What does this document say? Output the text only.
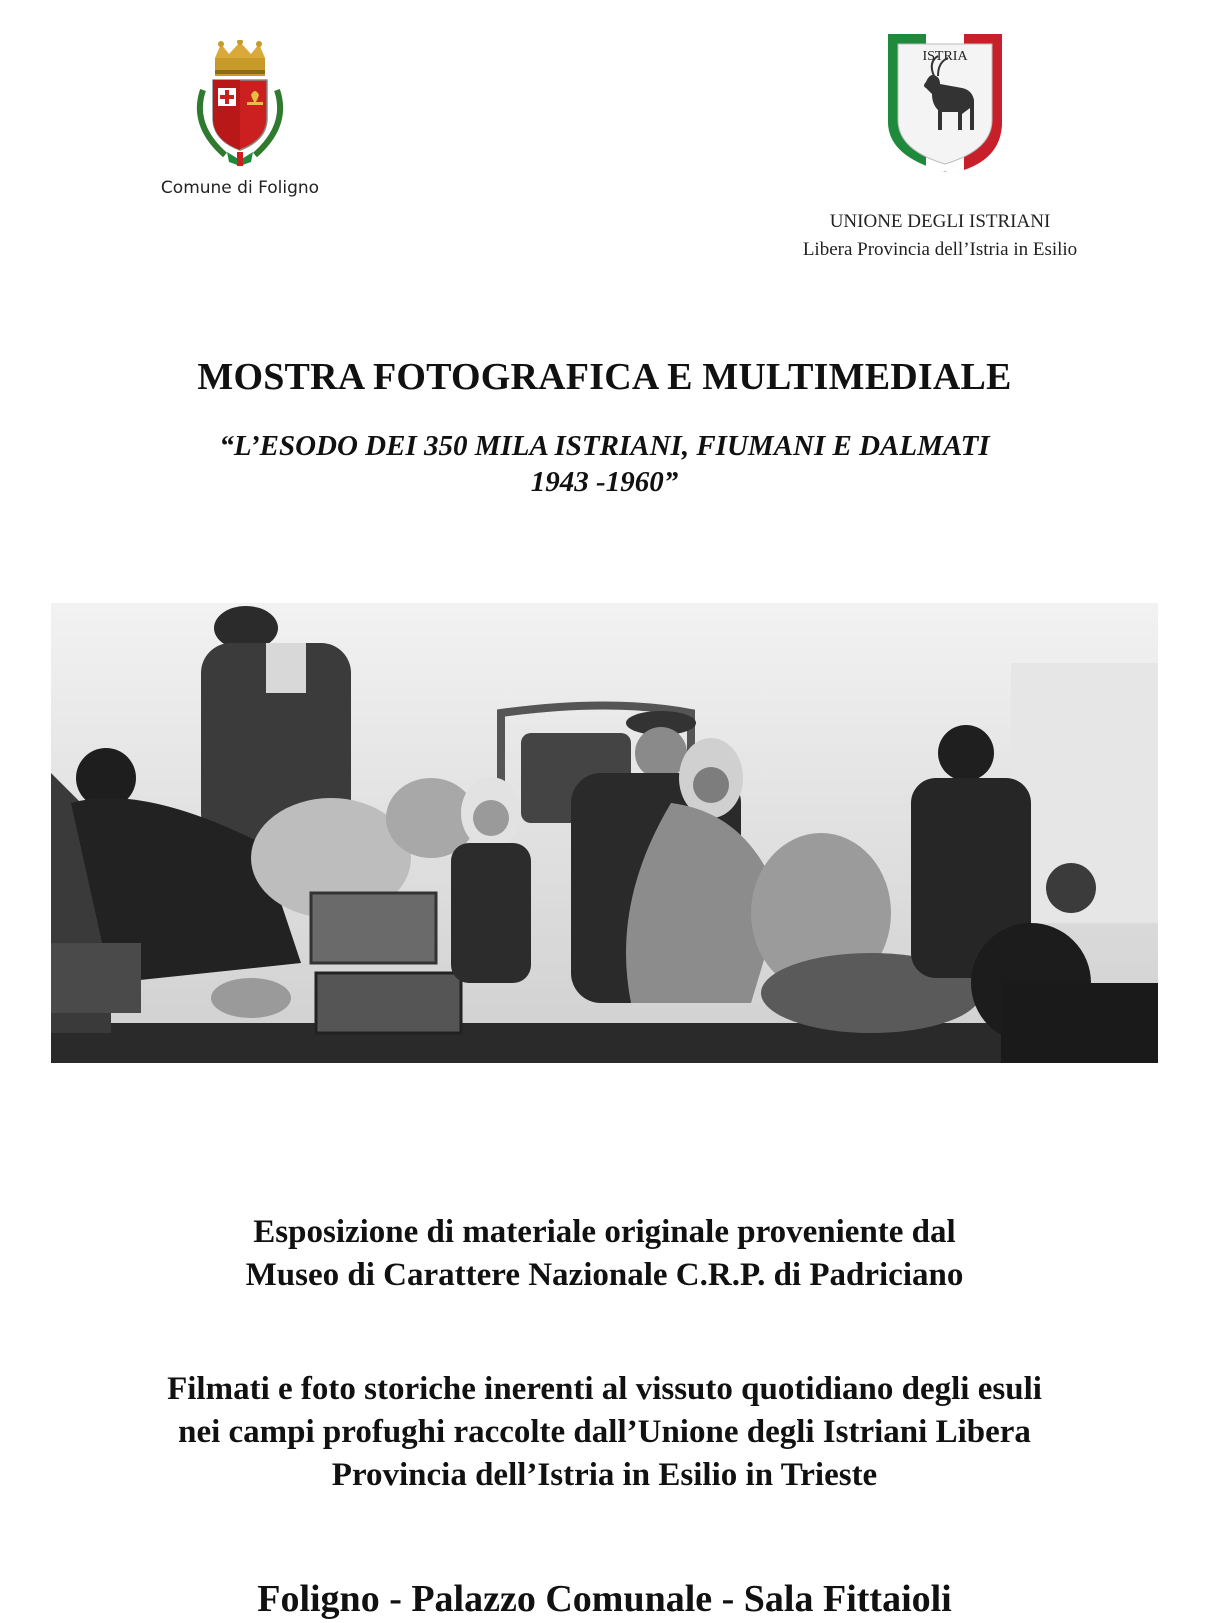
Comune di Foligno
ISTRIA
UNIONE DEGLI ISTRIANI
Libera Provincia dell’Istria in Esilio
MOSTRA FOTOGRAFICA E MULTIMEDIALE
“L’ESODO DEI 350 MILA ISTRIANI, FIUMANI E DALMATI
1943 -1960”
Esposizione di materiale originale proveniente dal
Museo di Carattere Nazionale C.R.P. di Padriciano
Filmati e foto storiche inerenti al vissuto quotidiano degli esuli
nei campi profughi raccolte dall’Unione degli Istriani Libera
Provincia dell’Istria in Esilio in Trieste
Foligno - Palazzo Comunale - Sala Fittaioli
